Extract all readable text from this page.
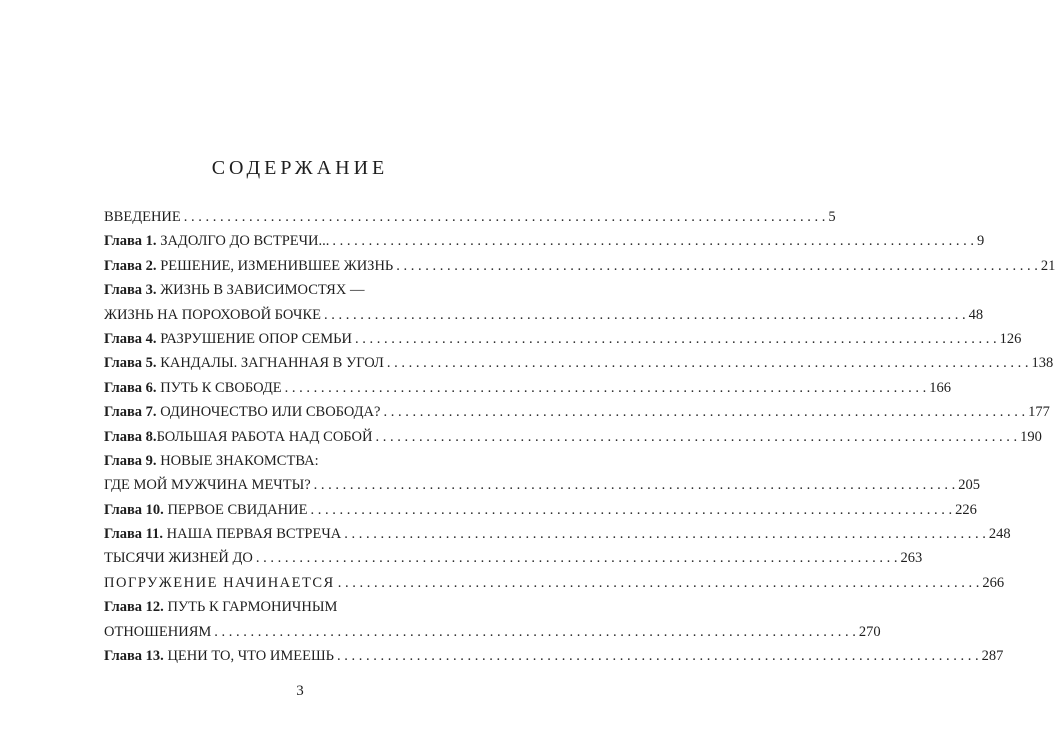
СОДЕРЖАНИЕ
ВВЕДЕНИЕ . . .	5
Глава 1. ЗАДОЛГО ДО ВСТРЕЧИ... . . .	9
Глава 2. РЕШЕНИЕ, ИЗМЕНИВШЕЕ ЖИЗНЬ . . .	21
Глава 3. ЖИЗНЬ В ЗАВИСИМОСТЯХ —
ЖИЗНЬ НА ПОРОХОВОЙ БОЧКЕ . . .	48
Глава 4. РАЗРУШЕНИЕ ОПОР СЕМЬИ . . .	126
Глава 5. КАНДАЛЫ. ЗАГНАННАЯ В УГОЛ . . .	138
Глава 6. ПУТЬ К СВОБОДЕ . . .	166
Глава 7. ОДИНОЧЕСТВО ИЛИ СВОБОДА? . . .	177
Глава 8.БОЛЬШАЯ РАБОТА НАД СОБОЙ . . .	190
Глава 9. НОВЫЕ ЗНАКОМСТВА:
ГДЕ МОЙ МУЖЧИНА МЕЧТЫ? . . .	205
Глава 10. ПЕРВОЕ СВИДАНИЕ . . .	226
Глава 11. НАША ПЕРВАЯ ВСТРЕЧА . . .	248
ТЫСЯЧИ ЖИЗНЕЙ ДО . . .	263
ПОГРУЖЕНИЕ НАЧИНАЕТСЯ . . .	266
Глава 12. ПУТЬ К ГАРМОНИЧНЫМ
ОТНОШЕНИЯМ . . .	270
Глава 13. ЦЕНИ ТО, ЧТО ИМЕЕШЬ . . .	287
3
